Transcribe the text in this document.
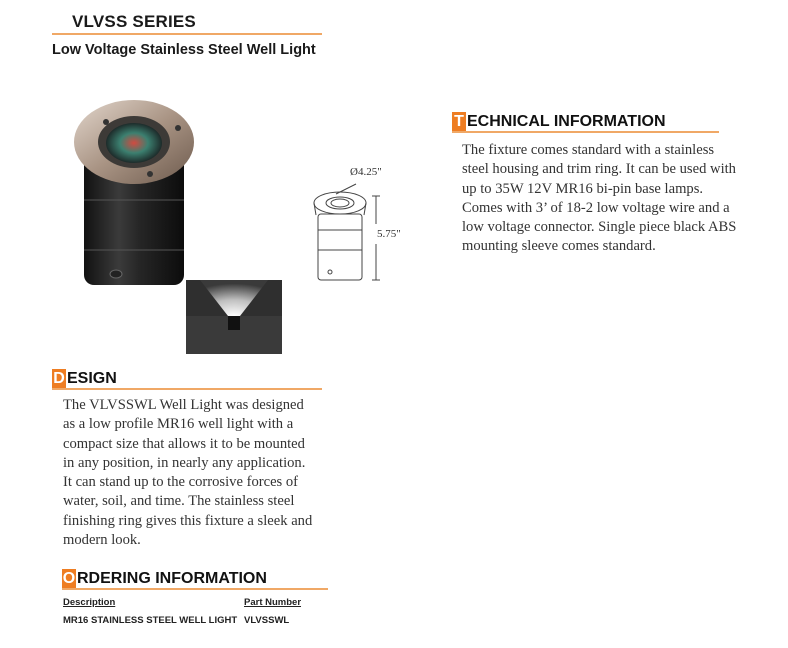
VLVSS SERIES
Low Voltage Stainless Steel Well Light
Ø4.25"
5.75"
T ECHNICAL INFORMATION
The fixture comes standard with a stainless
steel housing and trim ring. It can be used with
up to 35W 12V MR16 bi-pin base lamps.
Comes with 3’ of 18-2 low voltage wire and a
low voltage connector. Single piece black ABS
mounting sleeve comes standard.
D ESIGN
The VLVSSWL Well Light was designed
as a low profile MR16 well light with a
compact size that allows it to be mounted
in any position, in nearly any application.
It can stand up to the corrosive forces of
water, soil, and time. The stainless steel
finishing ring gives this fixture a sleek and
modern look.
O RDERING INFORMATION
Description	Part Number
MR16 STAINLESS STEEL WELL LIGHT VLVSSWL
